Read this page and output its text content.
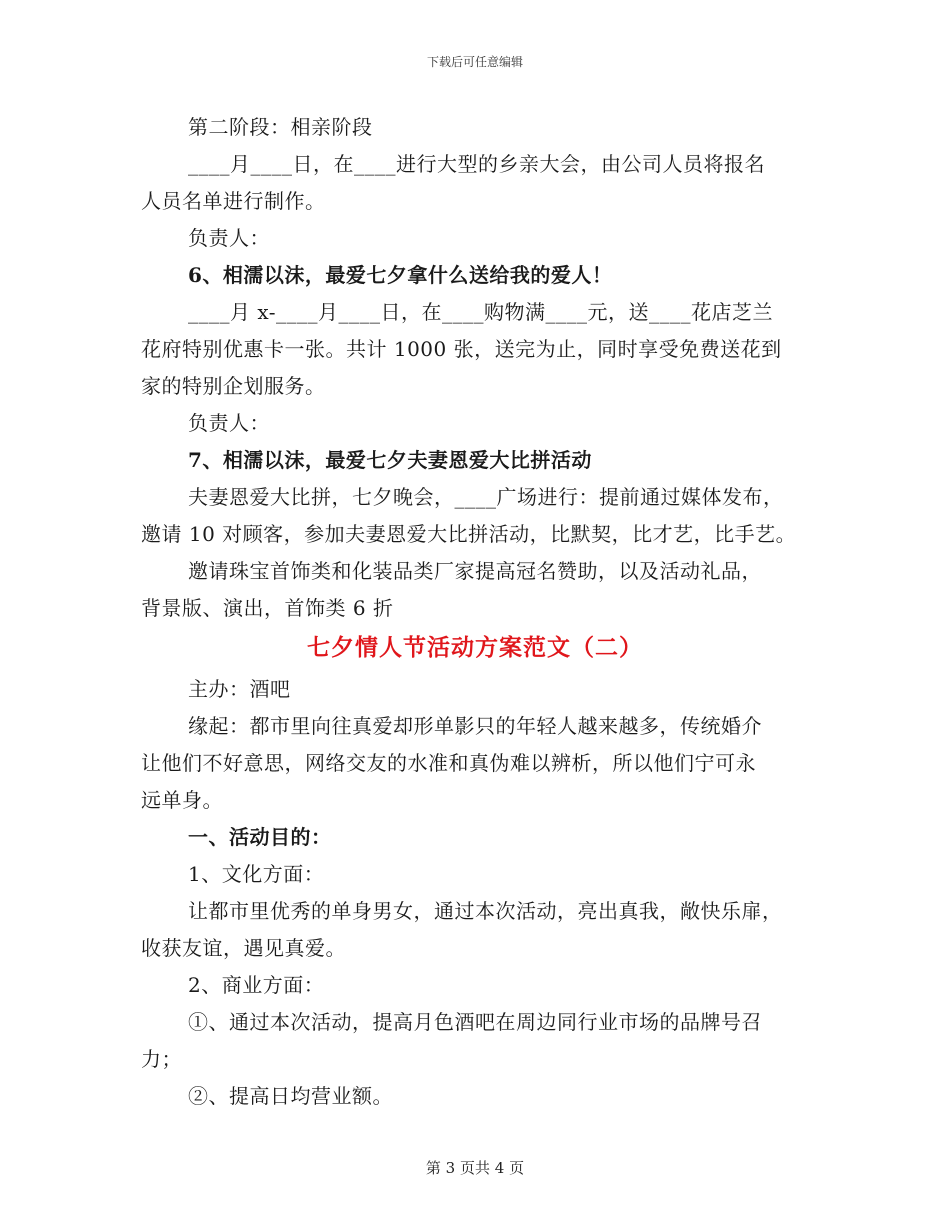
下载后可任意编辑
第二阶段：相亲阶段
____月____日，在____进行大型的乡亲大会，由公司人员将报名
人员名单进行制作。
负责人：
6、相濡以沫，最爱七夕拿什么送给我的爱人！
____月 x-____月____日，在____购物满____元，送____花店芝兰
花府特别优惠卡一张。共计 1000 张，送完为止，同时享受免费送花到
家的特别企划服务。
负责人：
7、相濡以沫，最爱七夕夫妻恩爱大比拼活动
夫妻恩爱大比拼，七夕晚会，____广场进行：提前通过媒体发布，
邀请 10 对顾客，参加夫妻恩爱大比拼活动，比默契，比才艺，比手艺。
邀请珠宝首饰类和化装品类厂家提高冠名赞助，以及活动礼品，
背景版、演出，首饰类 6 折
七夕情人节活动方案范文（二）
主办：酒吧
缘起：都市里向往真爱却形单影只的年轻人越来越多，传统婚介
让他们不好意思，网络交友的水准和真伪难以辨析，所以他们宁可永
远单身。
一、活动目的：
1、文化方面：
让都市里优秀的单身男女，通过本次活动，亮出真我，敞快乐扉，
收获友谊，遇见真爱。
2、商业方面：
①、通过本次活动，提高月色酒吧在周边同行业市场的品牌号召
力；
②、提高日均营业额。
第 3 页共 4 页
